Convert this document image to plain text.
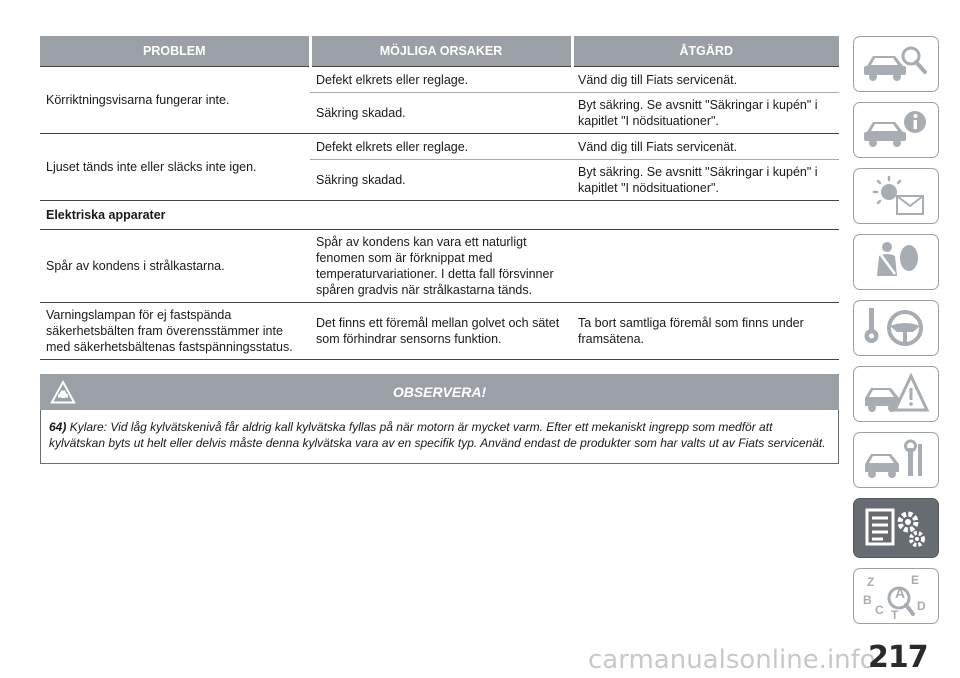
PROBLEM	MÖJLIGA ORSAKER	ÅTGÄRD
Körriktningsvisarna fungerar inte.	Defekt elkrets eller reglage.	Vänd dig till Fiats servicenät.
	Säkring skadad.	Byt säkring. Se avsnitt "Säkringar i kupén" i kapitlet "I nödsituationer".
Ljuset tänds inte eller släcks inte igen.	Defekt elkrets eller reglage.	Vänd dig till Fiats servicenät.
	Säkring skadad.	Byt säkring. Se avsnitt "Säkringar i kupén" i kapitlet "I nödsituationer".
Elektriska apparater		
Spår av kondens i strålkastarna.	Spår av kondens kan vara ett naturligt fenomen som är förknippat med temperaturvariationer. I detta fall försvinner spåren gradvis när strålkastarna tänds.	
Varningslampan för ej fastspända säkerhetsbälten fram överensstämmer inte med säkerhetsbältenas fastspänningsstatus.	Det finns ett föremål mellan golvet och sätet som förhindrar sensorns funktion.	Ta bort samtliga föremål som finns under framsätena.
OBSERVERA!
64) Kylare: Vid låg kylvätskenivå får aldrig kall kylvätska fyllas på när motorn är mycket varm. Efter ett mekaniskt ingrepp som medför att kylvätskan byts ut helt eller delvis måste denna kylvätska vara av en specifik typ. Använd endast de produkter som har valts ut av Fiats servicenät.
Z	E
A
B
C	D
T
carmanualsonline.info
217
